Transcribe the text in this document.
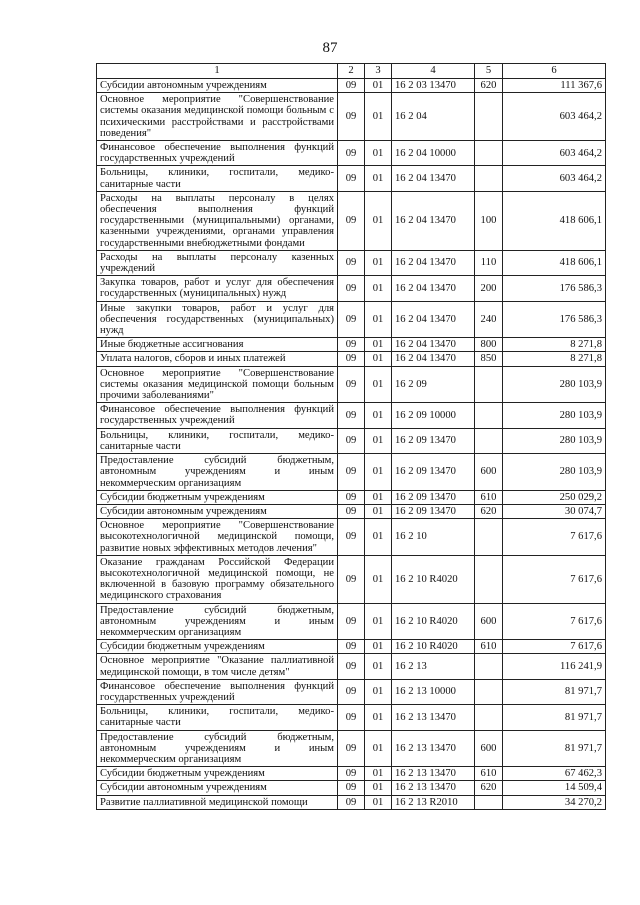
87
1	2	3	4	5	6
Субсидии автономным учреждениям	09	01	16 2 03 13470	620	111 367,6
Основное мероприятие "Совершенствование системы оказания медицинской помощи больным с психическими расстройствами и расстройствами поведения"	09	01	16 2 04		603 464,2
Финансовое обеспечение выполнения функций государственных учреждений	09	01	16 2 04 10000		603 464,2
Больницы, клиники, госпитали, медико-санитарные части	09	01	16 2 04 13470		603 464,2
Расходы на выплаты персоналу в целях обеспечения выполнения функций государственными (муниципальными) органами, казенными учреждениями, органами управления государственными внебюджетными фондами	09	01	16 2 04 13470	100	418 606,1
Расходы на выплаты персоналу казенных учреждений	09	01	16 2 04 13470	110	418 606,1
Закупка товаров, работ и услуг для обеспечения государственных (муниципальных) нужд	09	01	16 2 04 13470	200	176 586,3
Иные закупки товаров, работ и услуг для обеспечения государственных (муниципальных) нужд	09	01	16 2 04 13470	240	176 586,3
Иные бюджетные ассигнования	09	01	16 2 04 13470	800	8 271,8
Уплата налогов, сборов и иных платежей	09	01	16 2 04 13470	850	8 271,8
Основное мероприятие "Совершенствование системы оказания медицинской помощи больным прочими заболеваниями"	09	01	16 2 09		280 103,9
Финансовое обеспечение выполнения функций государственных учреждений	09	01	16 2 09 10000		280 103,9
Больницы, клиники, госпитали, медико-санитарные части	09	01	16 2 09 13470		280 103,9
Предоставление субсидий бюджетным, автономным учреждениям и иным некоммерческим организациям	09	01	16 2 09 13470	600	280 103,9
Субсидии бюджетным учреждениям	09	01	16 2 09 13470	610	250 029,2
Субсидии автономным учреждениям	09	01	16 2 09 13470	620	30 074,7
Основное мероприятие "Совершенствование высокотехнологичной медицинской помощи, развитие новых эффективных методов лечения"	09	01	16 2 10		7 617,6
Оказание гражданам Российской Федерации высокотехнологичной медицинской помощи, не включенной в базовую программу обязательного медицинского страхования	09	01	16 2 10 R4020		7 617,6
Предоставление субсидий бюджетным, автономным учреждениям и иным некоммерческим организациям	09	01	16 2 10 R4020	600	7 617,6
Субсидии бюджетным учреждениям	09	01	16 2 10 R4020	610	7 617,6
Основное мероприятие "Оказание паллиативной медицинской помощи, в том числе детям"	09	01	16 2 13		116 241,9
Финансовое обеспечение выполнения функций государственных учреждений	09	01	16 2 13 10000		81 971,7
Больницы, клиники, госпитали, медико-санитарные части	09	01	16 2 13 13470		81 971,7
Предоставление субсидий бюджетным, автономным учреждениям и иным некоммерческим организациям	09	01	16 2 13 13470	600	81 971,7
Субсидии бюджетным учреждениям	09	01	16 2 13 13470	610	67 462,3
Субсидии автономным учреждениям	09	01	16 2 13 13470	620	14 509,4
Развитие паллиативной медицинской помощи	09	01	16 2 13 R2010		34 270,2
